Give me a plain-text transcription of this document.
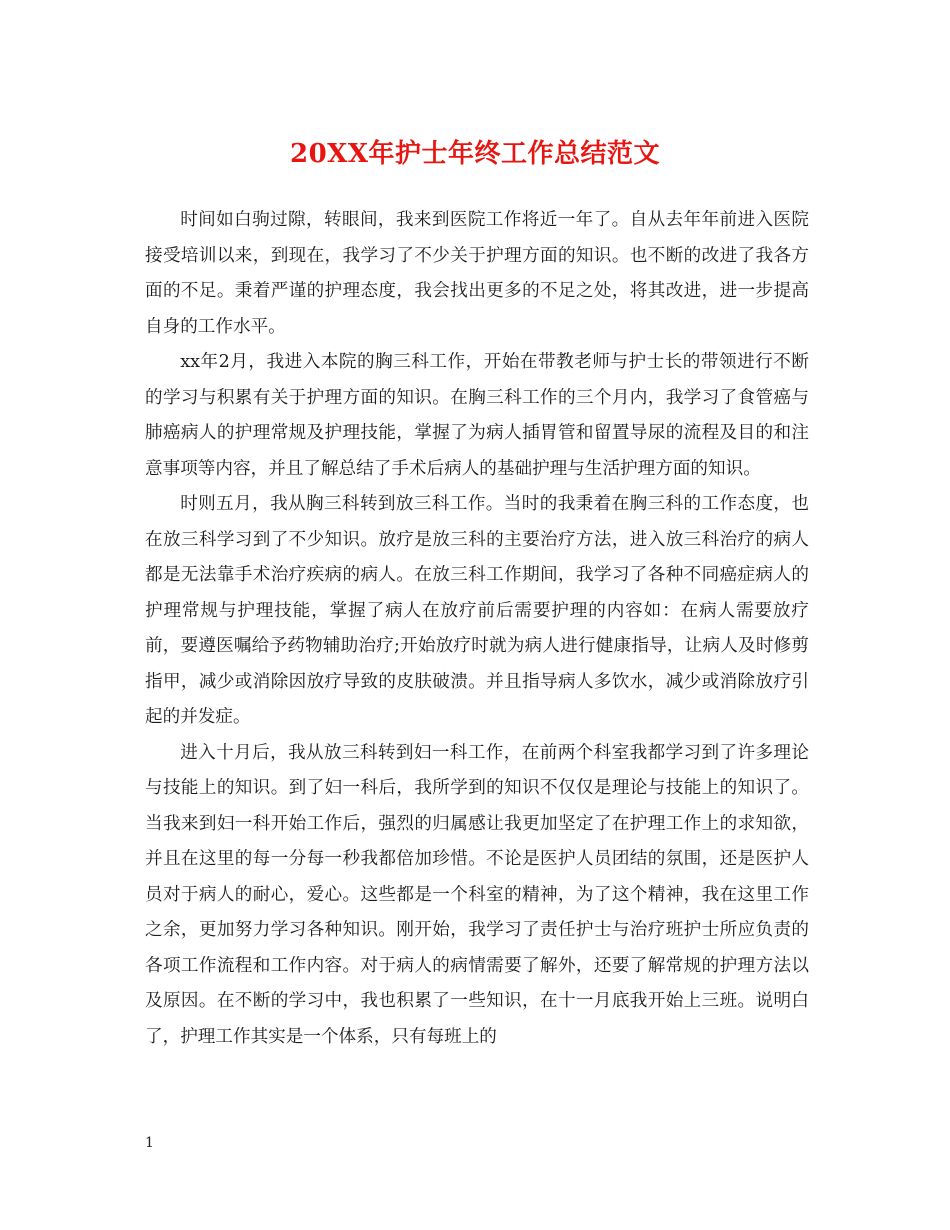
20XX年护士年终工作总结范文

时间如白驹过隙，转眼间，我来到医院工作将近一年了。自从去年年前进入医院接受培训以来，到现在，我学习了不少关于护理方面的知识。也不断的改进了我各方面的不足。秉着严谨的护理态度，我会找出更多的不足之处，将其改进，进一步提高自身的工作水平。

xx年2月，我进入本院的胸三科工作，开始在带教老师与护士长的带领进行不断的学习与积累有关于护理方面的知识。在胸三科工作的三个月内，我学习了食管癌与肺癌病人的护理常规及护理技能，掌握了为病人插胃管和留置导尿的流程及目的和注意事项等内容，并且了解总结了手术后病人的基础护理与生活护理方面的知识。

时则五月，我从胸三科转到放三科工作。当时的我秉着在胸三科的工作态度，也在放三科学习到了不少知识。放疗是放三科的主要治疗方法，进入放三科治疗的病人都是无法靠手术治疗疾病的病人。在放三科工作期间，我学习了各种不同癌症病人的护理常规与护理技能，掌握了病人在放疗前后需要护理的内容如：在病人需要放疗前，要遵医嘱给予药物辅助治疗;开始放疗时就为病人进行健康指导，让病人及时修剪指甲，减少或消除因放疗导致的皮肤破溃。并且指导病人多饮水，减少或消除放疗引起的并发症。

进入十月后，我从放三科转到妇一科工作，在前两个科室我都学习到了许多理论与技能上的知识。到了妇一科后，我所学到的知识不仅仅是理论与技能上的知识了。当我来到妇一科开始工作后，强烈的归属感让我更加坚定了在护理工作上的求知欲，并且在这里的每一分每一秒我都倍加珍惜。不论是医护人员团结的氛围，还是医护人员对于病人的耐心，爱心。这些都是一个科室的精神，为了这个精神，我在这里工作之余，更加努力学习各种知识。刚开始，我学习了责任护士与治疗班护士所应负责的各项工作流程和工作内容。对于病人的病情需要了解外，还要了解常规的护理方法以及原因。在不断的学习中，我也积累了一些知识，在十一月底我开始上三班。说明白了，护理工作其实是一个体系，只有每班上的

1
